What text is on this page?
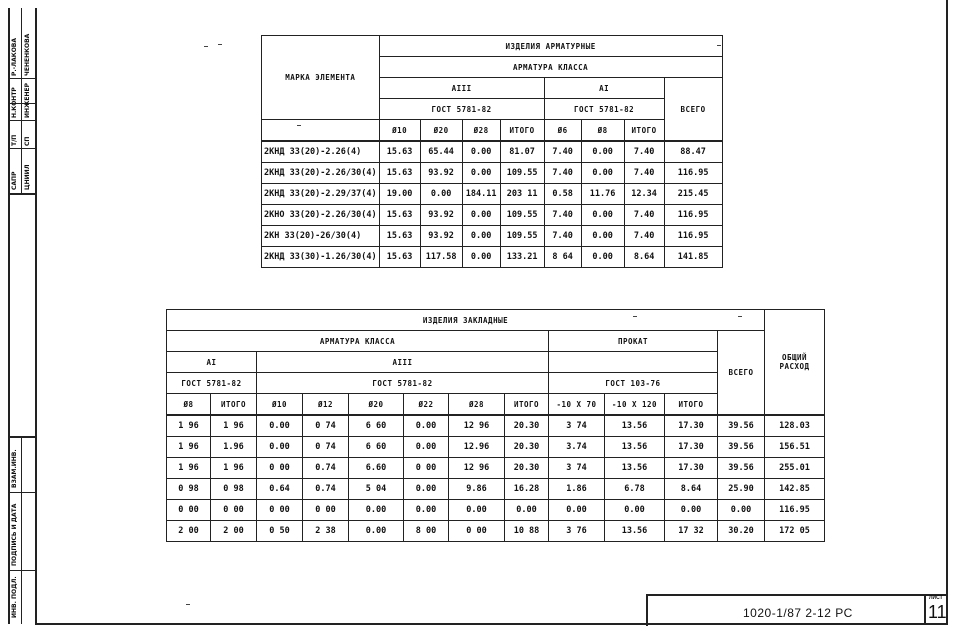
САПР ЦНИИЛ
Т/П СП
Н.КОНТР ИНЖЕНЕР
Р.-ЛАКОВА ЧЕНЕНКОВА
ИНВ. ПОДЛ.
ПОДПИСЬ И ДАТА
ВЗАМ.ИНВ.
МАРКА ЭЛЕМЕНТА	ИЗДЕЛИЯ АРМАТУРНЫЕ							
	АРМАТУРА КЛАССА							
	АIII				АI			ВСЕГО
	ГОСТ 5781-82				ГОСТ 5781-82			
	Ø10	Ø20	Ø28	ИТОГО	Ø6	Ø8	ИТОГО	
2КНД 33(20)-2.26(4)	15.63	65.44	0.00	81.07	7.40	0.00	7.40	88.47
2КНД 33(20)-2.26/30(4)	15.63	93.92	0.00	109.55	7.40	0.00	7.40	116.95
2КНД 33(20)-2.29/37(4)	19.00	0.00	184.11	203 11	0.58	11.76	12.34	215.45
2КНО 33(20)-2.26/30(4)	15.63	93.92	0.00	109.55	7.40	0.00	7.40	116.95
2КН 33(20)-26/30(4)	15.63	93.92	0.00	109.55	7.40	0.00	7.40	116.95
2КНД 33(30)-1.26/30(4)	15.63	117.58	0.00	133.21	8 64	0.00	8.64	141.85
ИЗДЕЛИЯ ЗАКЛАДНЫЕ												ОБЩИЙ
РАСХОД

АРМАТУРА КЛАССА								ПРОКАТ			ВСЕГО	
АI		АIII										
ГОСТ 5781-82		ГОСТ 5781-82						ГОСТ 103-76				
Ø8	ИТОГО	Ø10	Ø12	Ø20	Ø22	Ø28	ИТОГО	-10 Х 70	-10 Х 120	ИТОГО		
1 96	1 96	0.00	0 74	6 60	0.00	12 96	20.30	3 74	13.56	17.30	39.56	128.03
1 96	1.96	0.00	0 74	6 60	0.00	12.96	20.30	3.74	13.56	17.30	39.56	156.51
1 96	1 96	0 00	0.74	6.60	0 00	12 96	20.30	3 74	13.56	17.30	39.56	255.01
0 98	0 98	0.64	0.74	5 04	0.00	9.86	16.28	1.86	6.78	8.64	25.90	142.85
0 00	0 00	0 00	0 00	0.00	0.00	0.00	0.00	0.00	0.00	0.00	0.00	116.95
2 00	2 00	0 50	2 38	0.00	8 00	0 00	10 88	3 76	13.56	17 32	30.20	172 05
1020-1/87 2-12 РС
ЛИСТ
11
